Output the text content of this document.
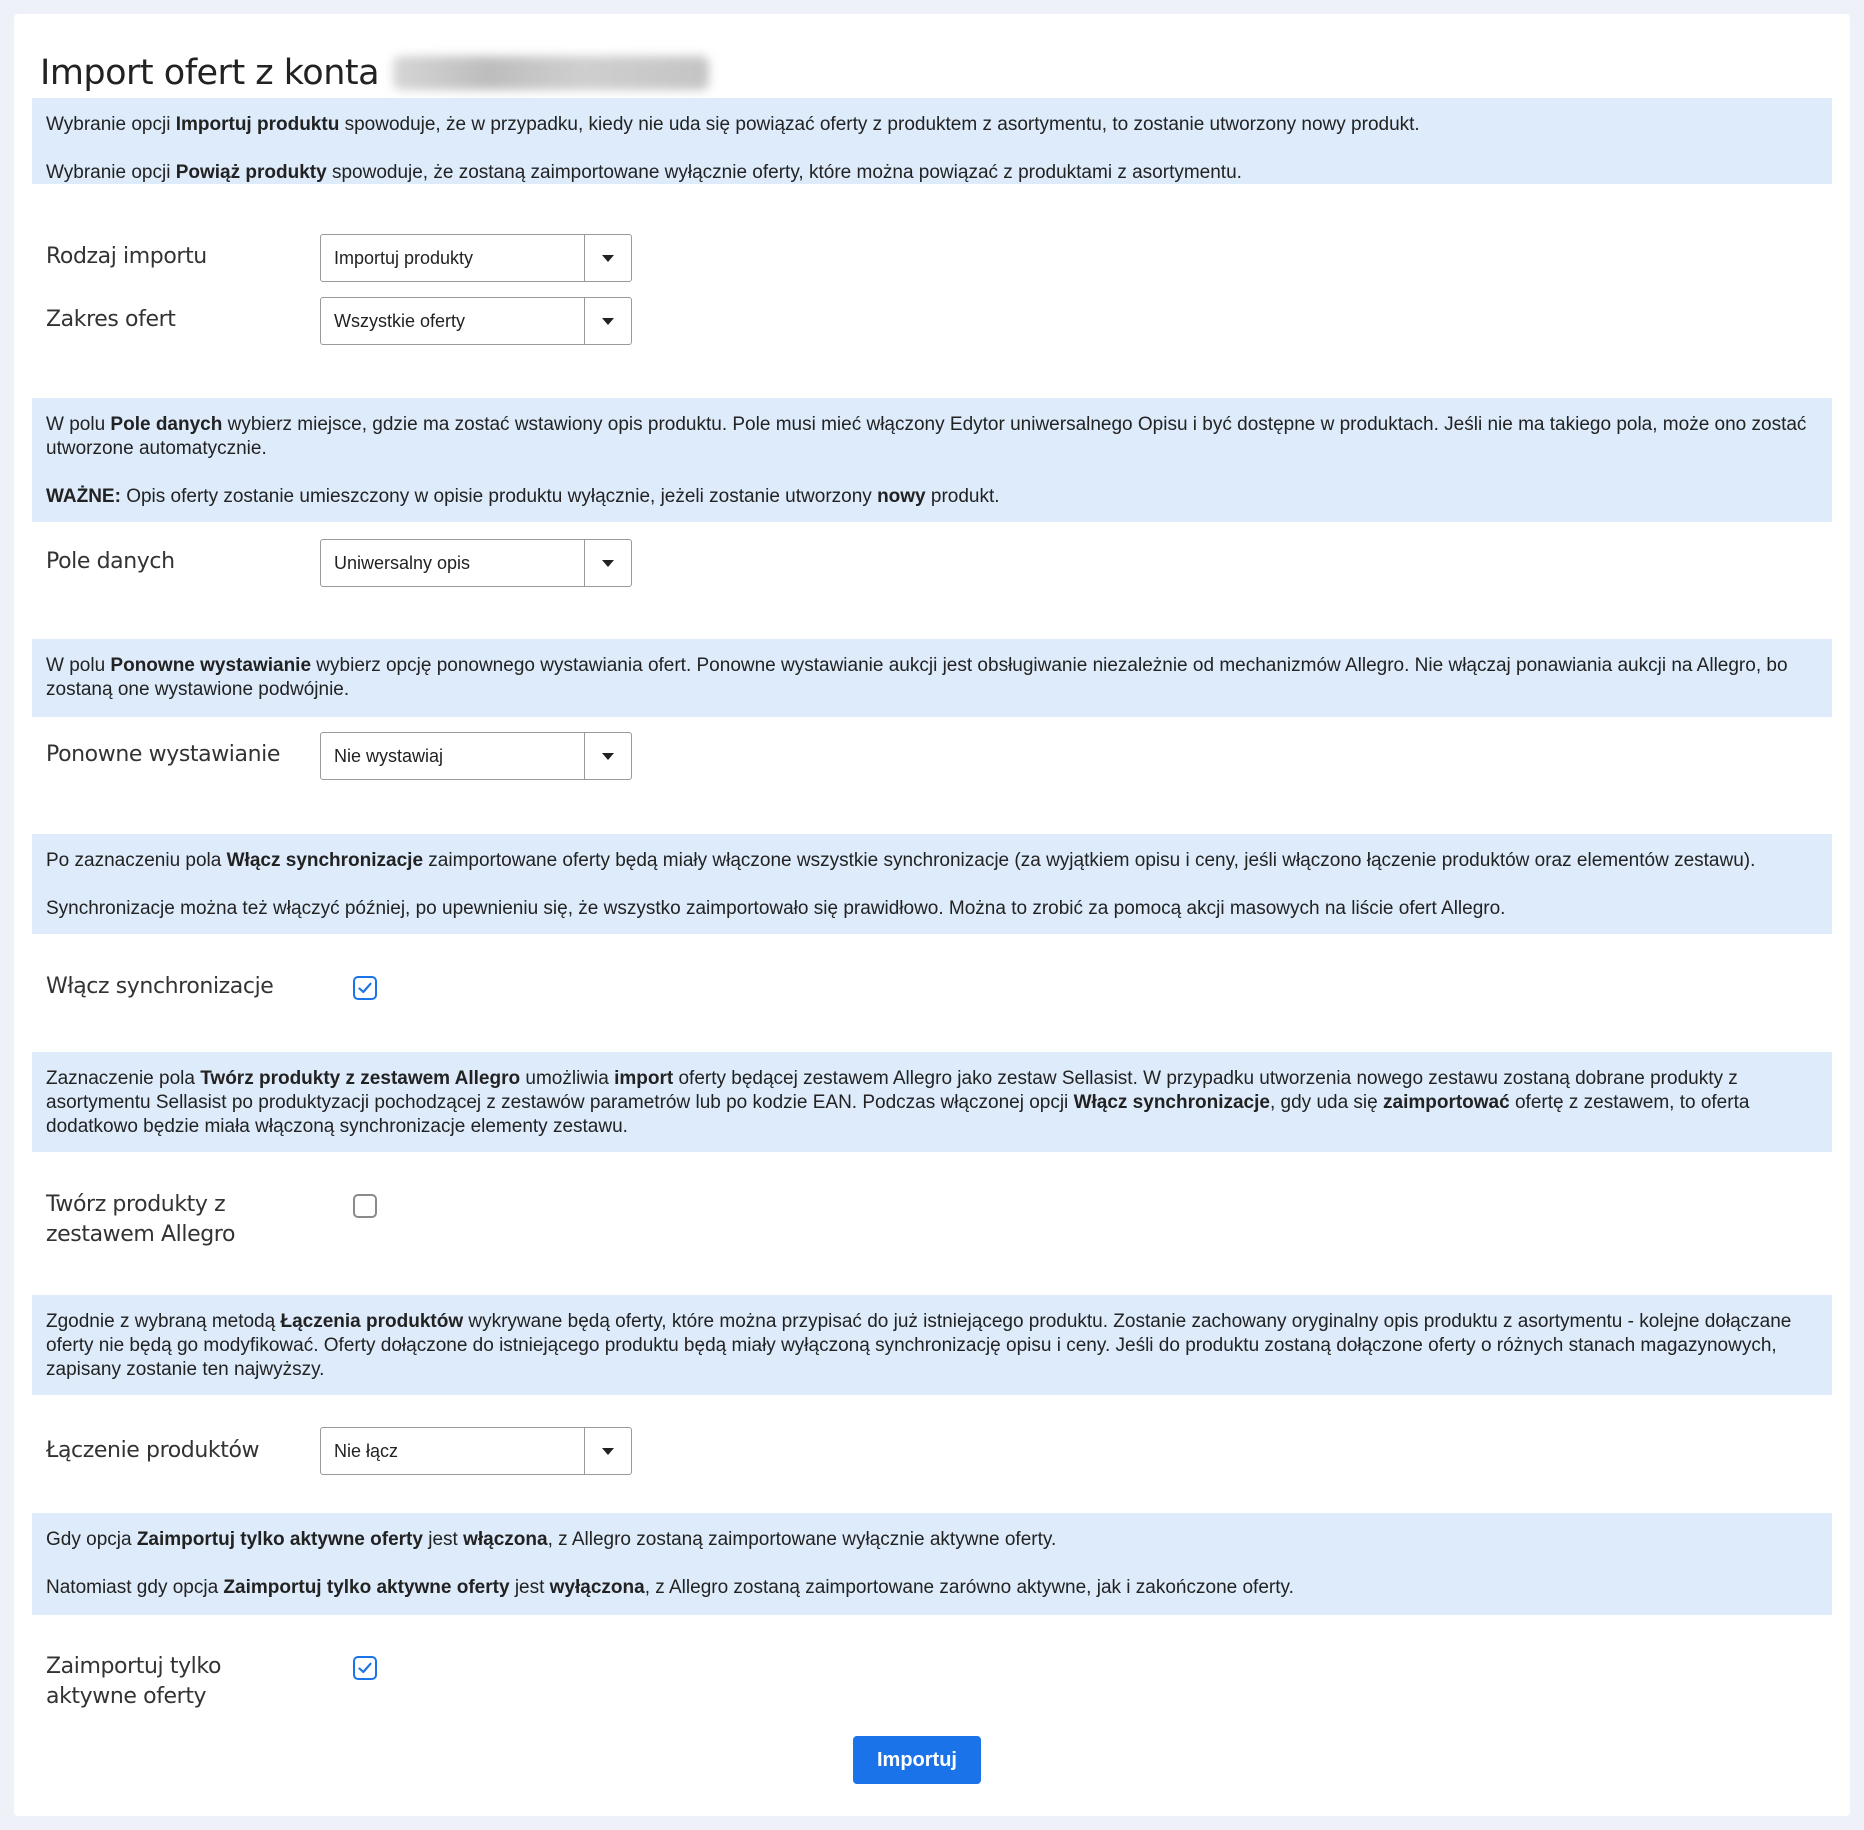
Import ofert z konta

Wybranie opcji Importuj produktu spowoduje, że w przypadku, kiedy nie uda się powiązać oferty z produktem z asortymentu, to zostanie utworzony nowy produkt.

Wybranie opcji Powiąż produkty spowoduje, że zostaną zaimportowane wyłącznie oferty, które można powiązać z produktami z asortymentu.

Rodzaj importu	Importuj produkty
Zakres ofert	Wszystkie oferty

W polu Pole danych wybierz miejsce, gdzie ma zostać wstawiony opis produktu. Pole musi mieć włączony Edytor uniwersalnego Opisu i być dostępne w produktach. Jeśli nie ma takiego pola, może ono zostać utworzone automatycznie.

WAŻNE: Opis oferty zostanie umieszczony w opisie produktu wyłącznie, jeżeli zostanie utworzony nowy produkt.

Pole danych	Uniwersalny opis

W polu Ponowne wystawianie wybierz opcję ponownego wystawiania ofert. Ponowne wystawianie aukcji jest obsługiwanie niezależnie od mechanizmów Allegro. Nie włączaj ponawiania aukcji na Allegro, bo zostaną one wystawione podwójnie.

Ponowne wystawianie	Nie wystawiaj

Po zaznaczeniu pola Włącz synchronizacje zaimportowane oferty będą miały włączone wszystkie synchronizacje (za wyjątkiem opisu i ceny, jeśli włączono łączenie produktów oraz elementów zestawu).

Synchronizacje można też włączyć później, po upewnieniu się, że wszystko zaimportowało się prawidłowo. Można to zrobić za pomocą akcji masowych na liście ofert Allegro.

Włącz synchronizacje

Zaznaczenie pola Twórz produkty z zestawem Allegro umożliwia import oferty będącej zestawem Allegro jako zestaw Sellasist. W przypadku utworzenia nowego zestawu zostaną dobrane produkty z asortymentu Sellasist po produktyzacji pochodzącej z zestawów parametrów lub po kodzie EAN. Podczas włączonej opcji Włącz synchronizacje, gdy uda się zaimportować ofertę z zestawem, to oferta dodatkowo będzie miała włączoną synchronizacje elementy zestawu.

Twórz produkty z zestawem Allegro

Zgodnie z wybraną metodą Łączenia produktów wykrywane będą oferty, które można przypisać do już istniejącego produktu. Zostanie zachowany oryginalny opis produktu z asortymentu - kolejne dołączane oferty nie będą go modyfikować. Oferty dołączone do istniejącego produktu będą miały wyłączoną synchronizację opisu i ceny. Jeśli do produktu zostaną dołączone oferty o różnych stanach magazynowych, zapisany zostanie ten najwyższy.

Łączenie produktów	Nie łącz

Gdy opcja Zaimportuj tylko aktywne oferty jest włączona, z Allegro zostaną zaimportowane wyłącznie aktywne oferty.

Natomiast gdy opcja Zaimportuj tylko aktywne oferty jest wyłączona, z Allegro zostaną zaimportowane zarówno aktywne, jak i zakończone oferty.

Zaimportuj tylko aktywne oferty
Importuj
